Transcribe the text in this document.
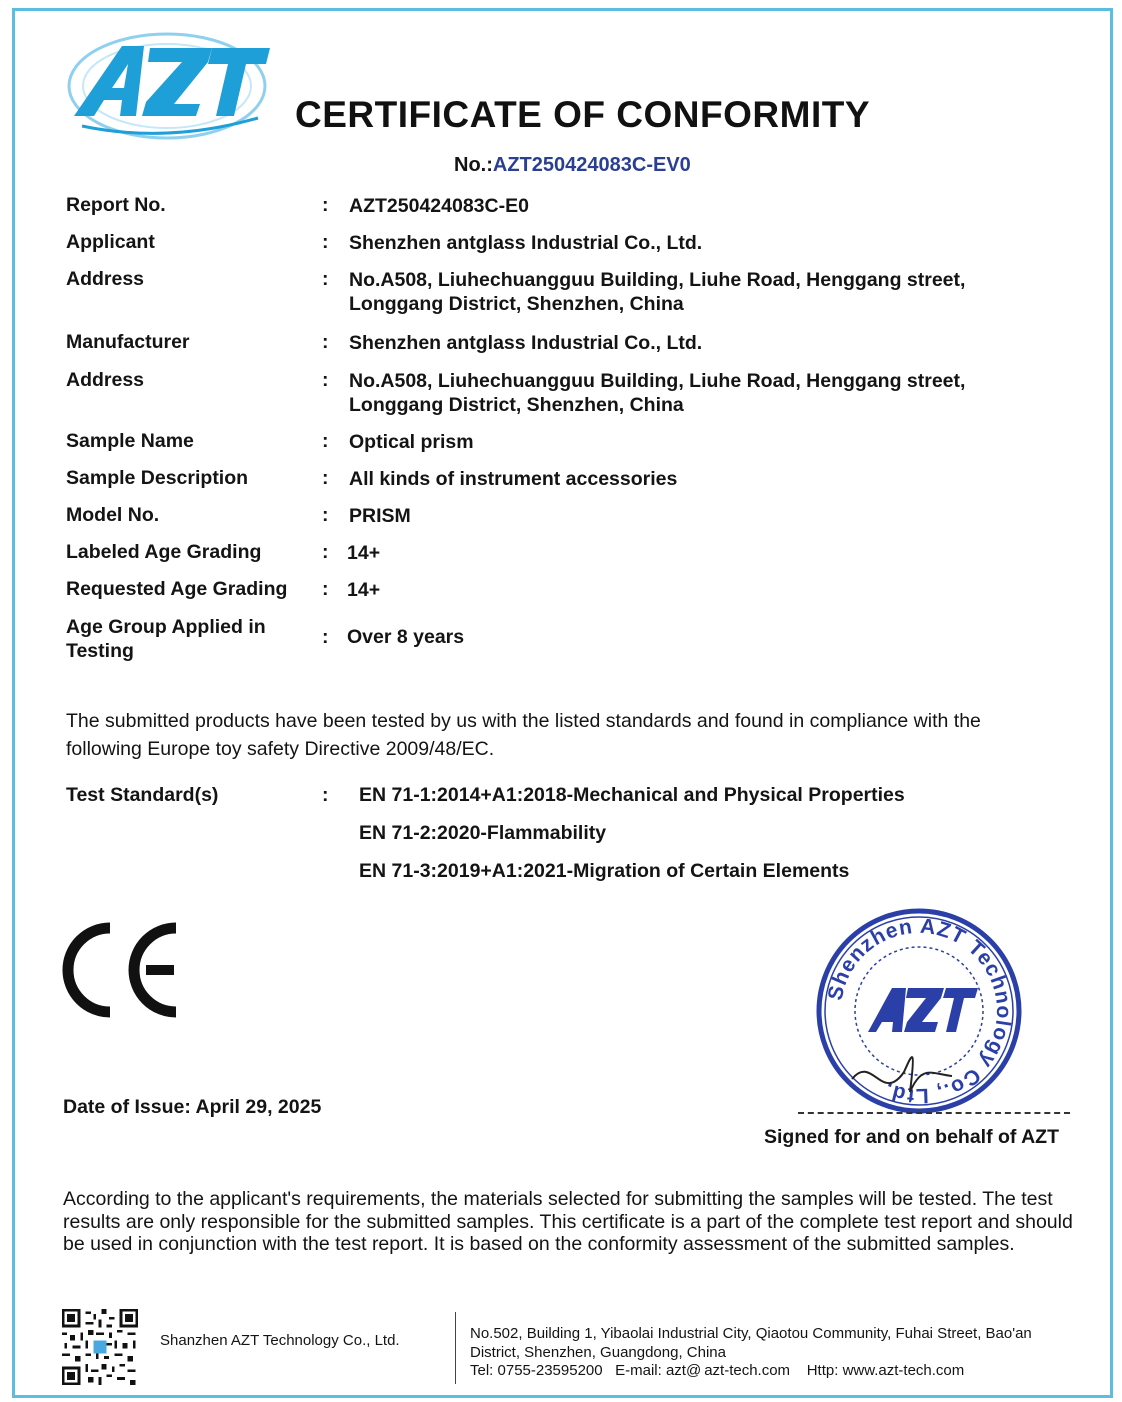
CERTIFICATE OF CONFORMITY
No.:AZT250424083C-EV0
Report No.	: AZT250424083C-E0
Applicant	: Shenzhen antglass Industrial Co., Ltd.
Address	: No.A508, Liuhechuangguu Building, Liuhe Road, Henggang street,
Longgang District, Shenzhen, China
Manufacturer	: Shenzhen antglass Industrial Co., Ltd.
Address	: No.A508, Liuhechuangguu Building, Liuhe Road, Henggang street,
Longgang District, Shenzhen, China
Sample Name	: Optical prism
Sample Description	: All kinds of instrument accessories
Model No.	: PRISM
Labeled Age Grading	: 14+
Requested Age Grading	: 14+
Age Group Applied in
Testing
: Over 8 years
The submitted products have been tested by us with the listed standards and found in compliance with the following Europe toy safety Directive 2009/48/EC.
Test Standard(s)	: EN 71-1:2014+A1:2018-Mechanical and Physical Properties
EN 71-2:2020-Flammability
EN 71-3:2019+A1:2021-Migration of Certain Elements
Shenzhen AZT Technology Co., Ltd.
Date of Issue: April 29, 2025
Signed for and on behalf of AZT
According to the applicant's requirements, the materials selected for submitting the samples will be tested. The test results are only responsible for the submitted samples. This certificate is a part of the complete test report and should be used in conjunction with the test report. It is based on the conformity assessment of the submitted samples.
Shanzhen AZT Technology Co., Ltd.	No.502, Building 1, Yibaolai Industrial City, Qiaotou Community, Fuhai Street, Bao'an
District, Shenzhen, Guangdong, China
Tel: 0755-23595200   E-mail: azt@ azt-tech.com    Http: www.azt-tech.com
